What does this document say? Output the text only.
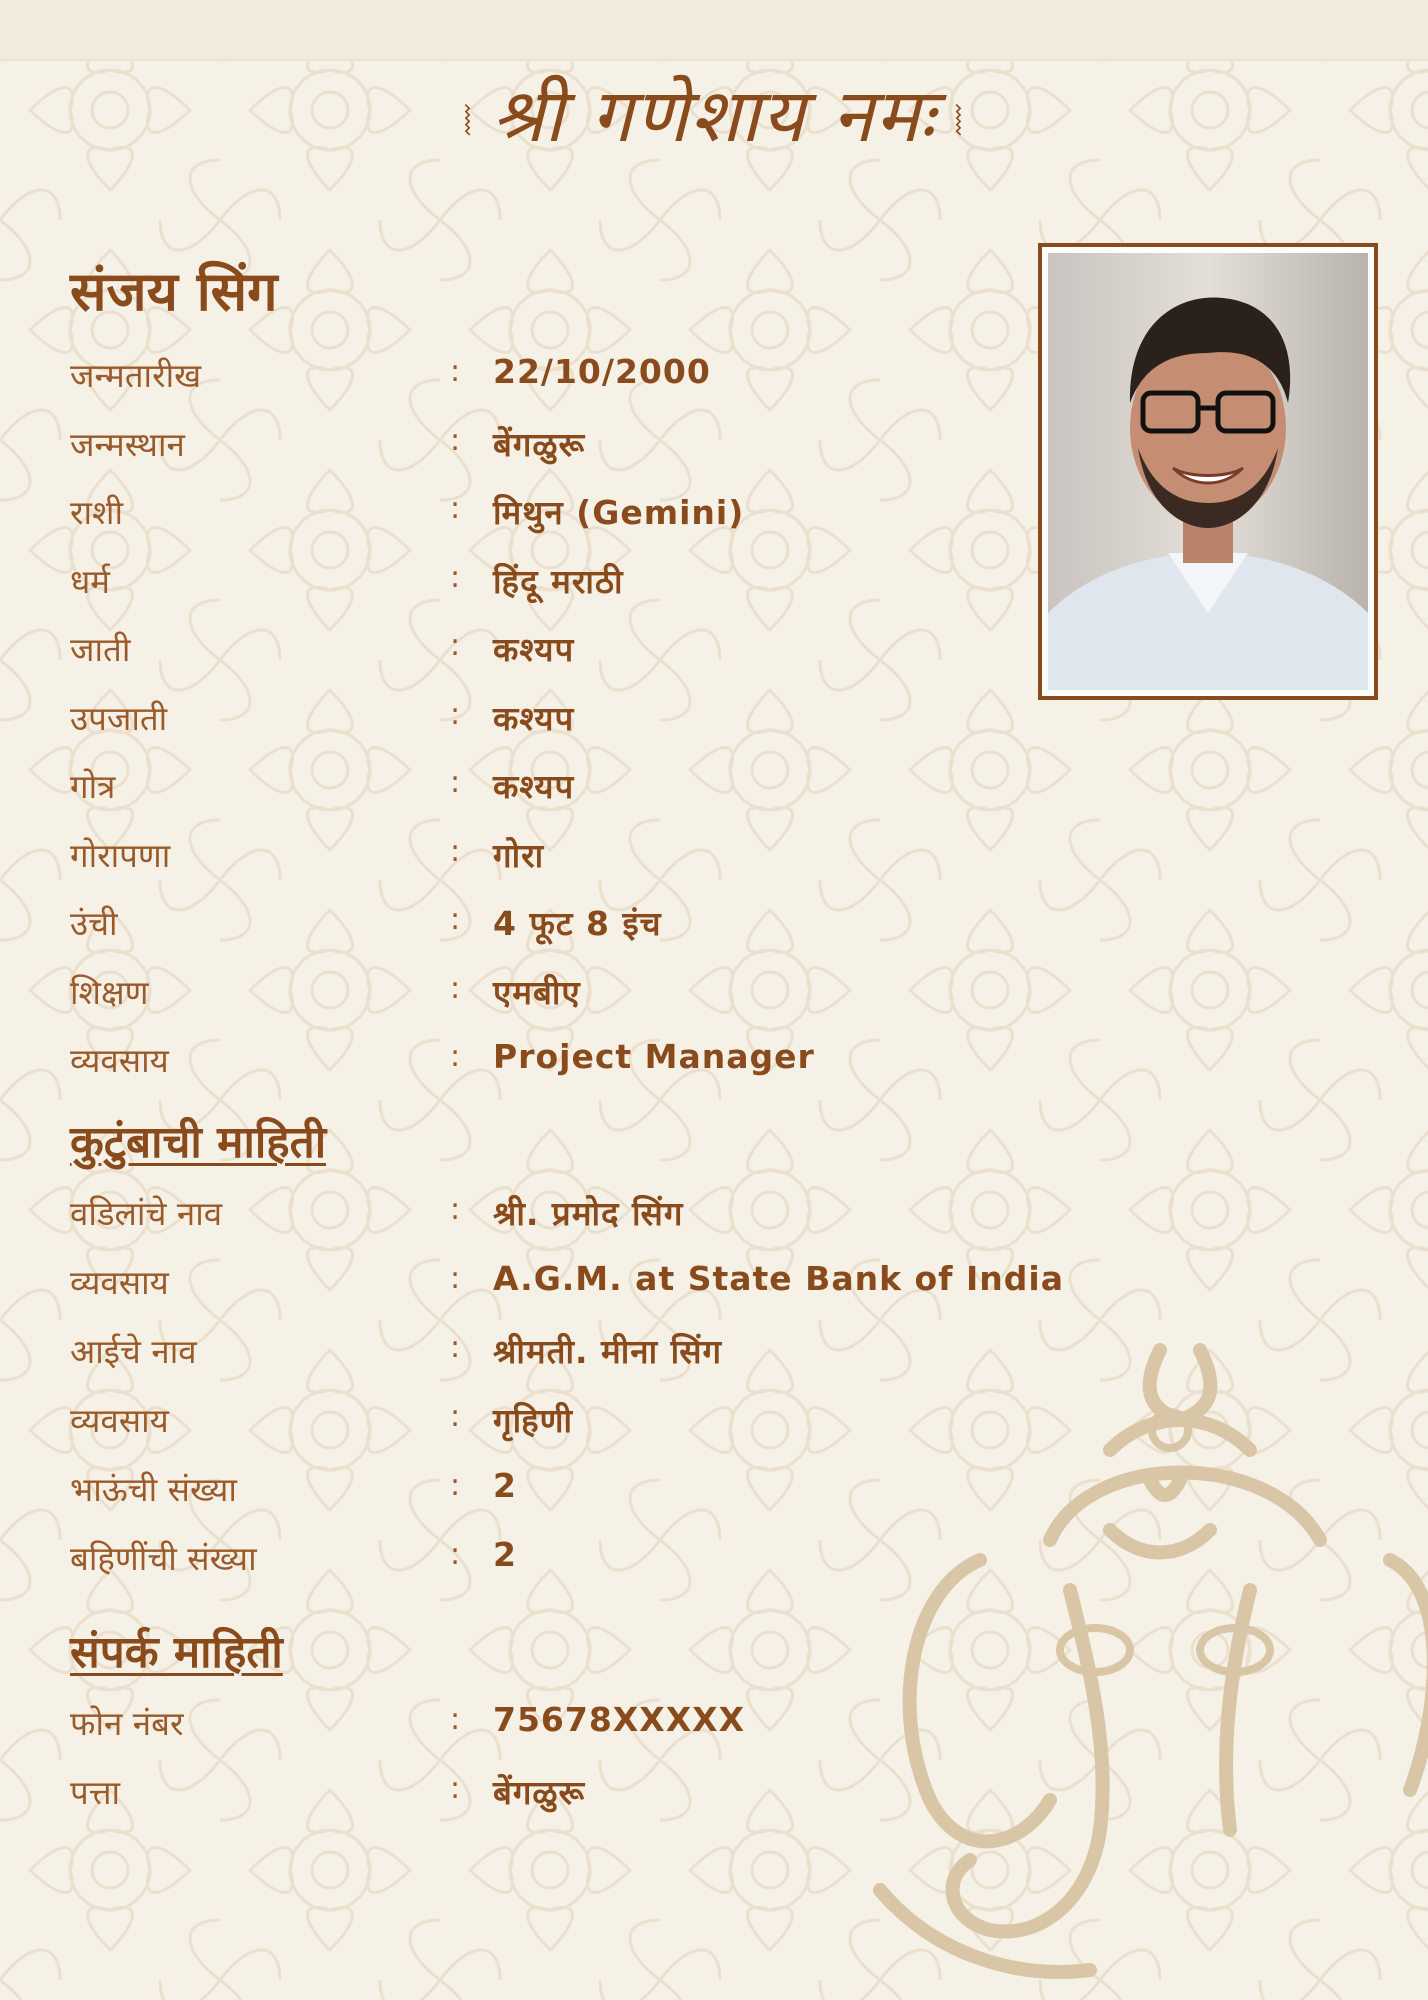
⦚ श्री गणेशाय नमः ⦚
संजय सिंग
जन्मतारीख	: 22/10/2000
जन्मस्थान	: बेंगळुरू
राशी	: मिथुन (Gemini)
धर्म	: हिंदू मराठी
जाती	: कश्यप
उपजाती	: कश्यप
गोत्र	: कश्यप
गोरापणा	: गोरा
उंची	: 4 फूट 8 इंच
शिक्षण	: एमबीए
व्यवसाय	: Project Manager
कुटुंबाची माहिती
वडिलांचे नाव	: श्री. प्रमोद सिंग
व्यवसाय	: A.G.M. at State Bank of India
आईचे नाव	: श्रीमती. मीना सिंग
व्यवसाय	: गृहिणी
भाऊंची संख्या	: 2
बहिणींची संख्या	: 2
संपर्क माहिती
फोन नंबर	: 75678XXXXX
पत्ता	: बेंगळुरू
